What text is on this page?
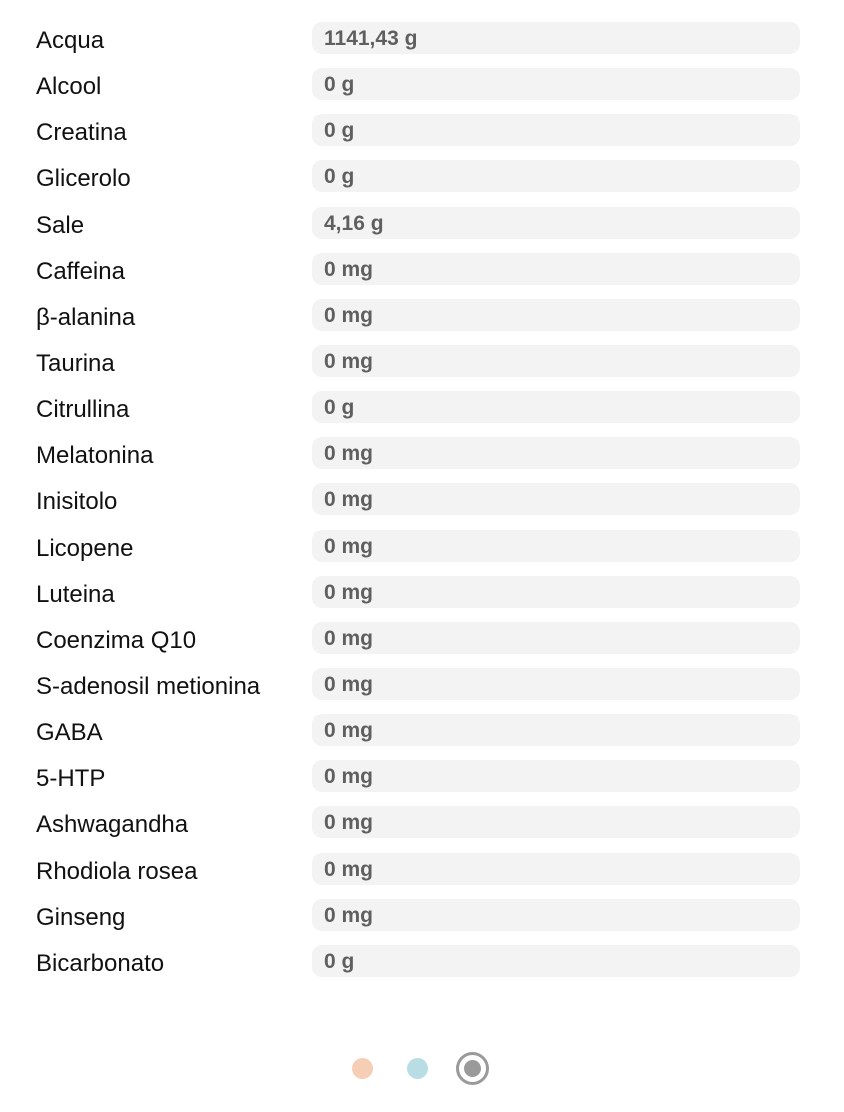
Acqua	1141,43 g
Alcool	0 g
Creatina	0 g
Glicerolo	0 g
Sale	4,16 g
Caffeina	0 mg
β-alanina	0 mg
Taurina	0 mg
Citrullina	0 g
Melatonina	0 mg
Inisitolo	0 mg
Licopene	0 mg
Luteina	0 mg
Coenzima Q10	0 mg
S-adenosil metionina	0 mg
GABA	0 mg
5-HTP	0 mg
Ashwagandha	0 mg
Rhodiola rosea	0 mg
Ginseng	0 mg
Bicarbonato	0 g
